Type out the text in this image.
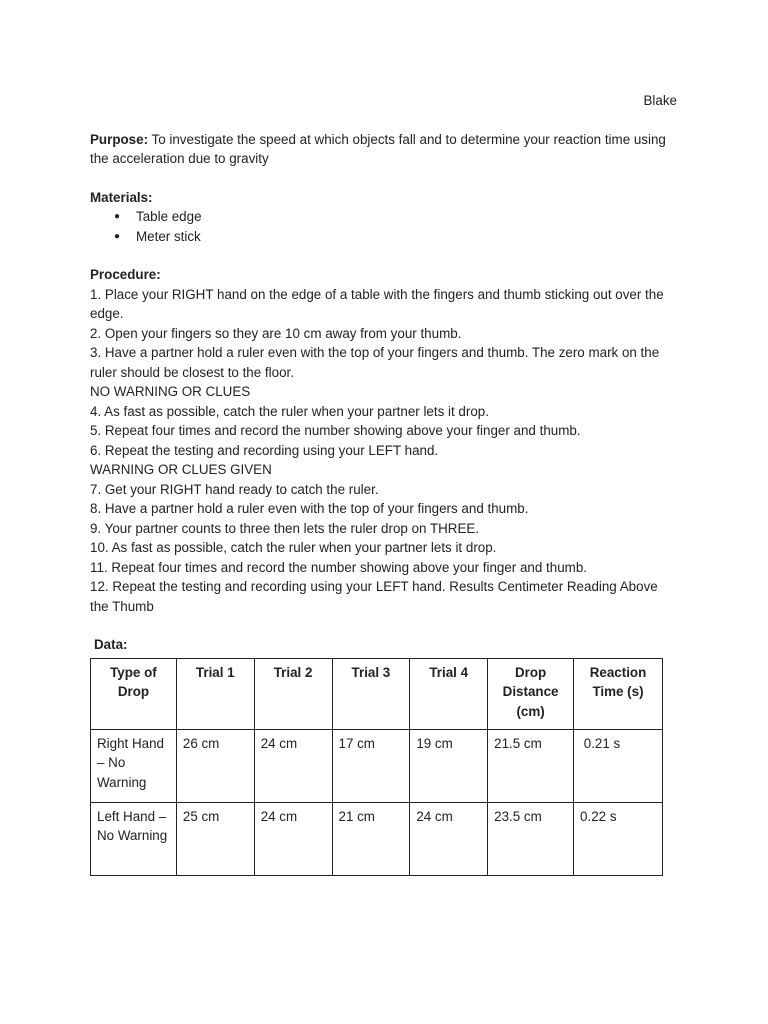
Blake
Purpose: To investigate the speed at which objects fall and to determine your reaction time using the acceleration due to gravity
Materials:
● Table edge
● Meter stick
Procedure:

1. Place your RIGHT hand on the edge of a table with the fingers and thumb sticking out over the edge.

2. Open your fingers so they are 10 cm away from your thumb.

3. Have a partner hold a ruler even with the top of your fingers and thumb. The zero mark on the ruler should be closest to the floor.

NO WARNING OR CLUES

4. As fast as possible, catch the ruler when your partner lets it drop.

5. Repeat four times and record the number showing above your finger and thumb.

6. Repeat the testing and recording using your LEFT hand.

WARNING OR CLUES GIVEN

7. Get your RIGHT hand ready to catch the ruler.

8. Have a partner hold a ruler even with the top of your fingers and thumb.

9. Your partner counts to three then lets the ruler drop on THREE.

10. As fast as possible, catch the ruler when your partner lets it drop.

11. Repeat four times and record the number showing above your finger and thumb.

12. Repeat the testing and recording using your LEFT hand. Results Centimeter Reading Above the Thumb

Data:
Type of Drop	Trial 1	Trial 2	Trial 3	Trial 4	Drop Distance (cm)	Reaction Time (s)
Right Hand – No Warning	26 cm	24 cm	17 cm	19 cm	21.5 cm	0.21 s
Left Hand – No Warning	25 cm	24 cm	21 cm	24 cm	23.5 cm	0.22 s
